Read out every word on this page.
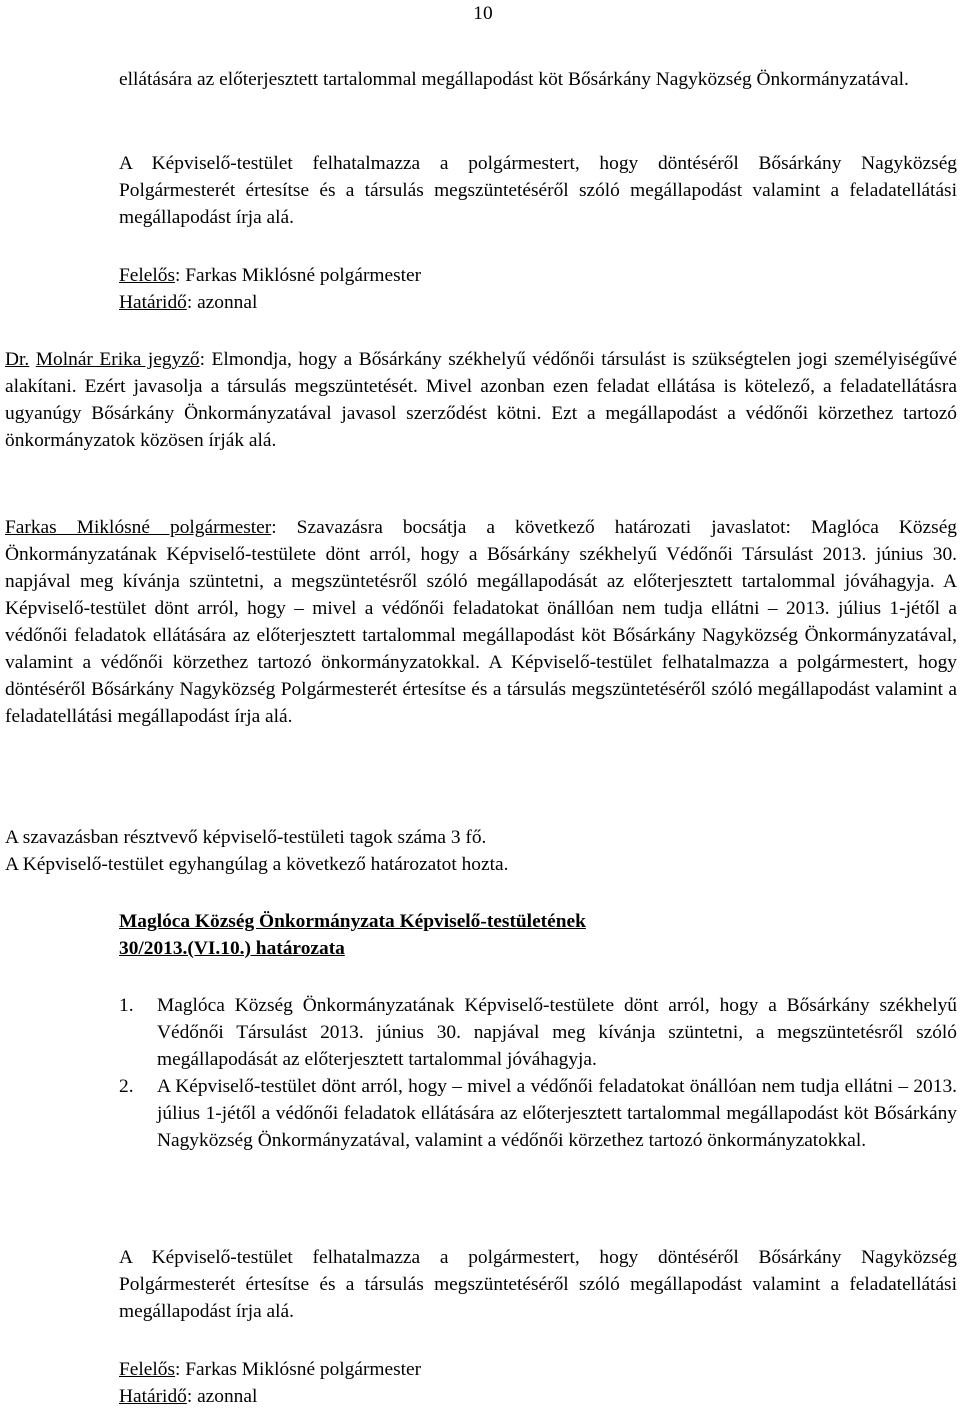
10

ellátására az előterjesztett tartalommal megállapodást köt Bősárkány Nagyközség Önkormányzatával.

A Képviselő-testület felhatalmazza a polgármestert, hogy döntéséről Bősárkány Nagyközség Polgármesterét értesítse és a társulás megszüntetéséről szóló megállapodást valamint a feladatellátási megállapodást írja alá.

Felelős: Farkas Miklósné polgármester

Határidő: azonnal

Dr. Molnár Erika jegyző: Elmondja, hogy a Bősárkány székhelyű védőnői társulást is szükségtelen jogi személyiségűvé alakítani. Ezért javasolja a társulás megszüntetését. Mivel azonban ezen feladat ellátása is kötelező, a feladatellátásra ugyanúgy Bősárkány Önkormányzatával javasol szerződést kötni. Ezt a megállapodást a védőnői körzethez tartozó önkormányzatok közösen írják alá.

Farkas Miklósné polgármester: Szavazásra bocsátja a következő határozati javaslatot: Maglóca Község Önkormányzatának Képviselő-testülete dönt arról, hogy a Bősárkány székhelyű Védőnői Társulást 2013. június 30. napjával meg kívánja szüntetni, a megszüntetésről szóló megállapodását az előterjesztett tartalommal jóváhagyja. A Képviselő-testület dönt arról, hogy – mivel a védőnői feladatokat önállóan nem tudja ellátni – 2013. július 1-jétől a védőnői feladatok ellátására az előterjesztett tartalommal megállapodást köt Bősárkány Nagyközség Önkormányzatával, valamint a védőnői körzethez tartozó önkormányzatokkal. A Képviselő-testület felhatalmazza a polgármestert, hogy döntéséről Bősárkány Nagyközség Polgármesterét értesítse és a társulás megszüntetéséről szóló megállapodást valamint a feladatellátási megállapodást írja alá.

A szavazásban résztvevő képviselő-testületi tagok száma 3 fő.

A Képviselő-testület egyhangúlag a következő határozatot hozta.

Maglóca Község Önkormányzata Képviselő-testületének

30/2013.(VI.10.) határozata

1. Maglóca Község Önkormányzatának Képviselő-testülete dönt arról, hogy a Bősárkány székhelyű Védőnői Társulást 2013. június 30. napjával meg kívánja szüntetni, a megszüntetésről szóló megállapodását az előterjesztett tartalommal jóváhagyja.
2. A Képviselő-testület dönt arról, hogy – mivel a védőnői feladatokat önállóan nem tudja ellátni – 2013. július 1-jétől a védőnői feladatok ellátására az előterjesztett tartalommal megállapodást köt Bősárkány Nagyközség Önkormányzatával, valamint a védőnői körzethez tartozó önkormányzatokkal.

A Képviselő-testület felhatalmazza a polgármestert, hogy döntéséről Bősárkány Nagyközség Polgármesterét értesítse és a társulás megszüntetéséről szóló megállapodást valamint a feladatellátási megállapodást írja alá.

Felelős: Farkas Miklósné polgármester

Határidő: azonnal
